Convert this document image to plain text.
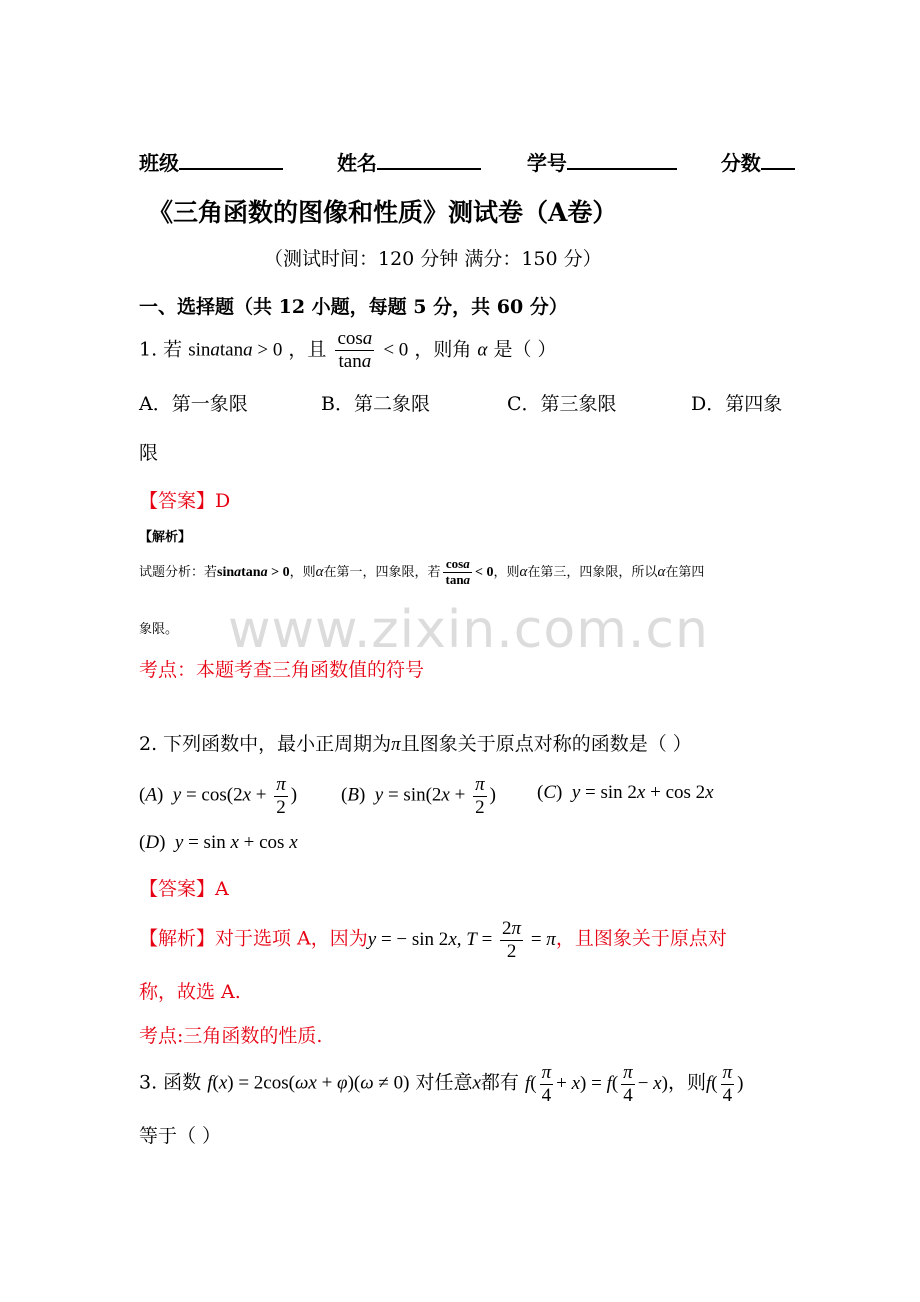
班级	姓名	学号	分数
《三角函数的图像和性质》测试卷（A卷）
（测试时间：120 分钟 满分：150 分）
一、选择题（共 12 小题，每题 5 分，共 60 分）
1. 若 sinatana > 0 ，且 $\frac{\cos a}{\tan a} < 0$ ，则角 α 是（ ）
A．第一象限	B．第二象限	C．第三象限	D．第四象
限
【答案】D
【解析】
试题分析：若sinatana > 0，则α在第一，四象限，若 $\frac{\cos a}{\tan a} < 0$，则α在第三，四象限，所以α在第四
象限。 www.zixin.com.cn
考点：本题考查三角函数值的符号
2. 下列函数中，最小正周期为π且图象关于原点对称的函数是（ ）
(A)  $y = \cos(2x + \frac{\pi}{2}$ ) (B)  $y = \sin(2x + \frac{\pi}{2}$ ) (C)  y = sin 2x + cos 2x
(D)  y = sin x + cos x
【答案】A
【解析】对于选项 A，因为y = − sin 2x, $T = \frac{2\pi}{2} = \pi$，且图象关于原点对
称，故选 A.
考点:三角函数的性质.
3. 函数 f(x) = 2cos(ωx + φ)(ω ≠ 0) 对任意x都有 $f( \frac{\pi}{4} + x) = f( \frac{\pi}{4} - x)$，则$f( \frac{\pi}{4}$ )
等于（ ）
